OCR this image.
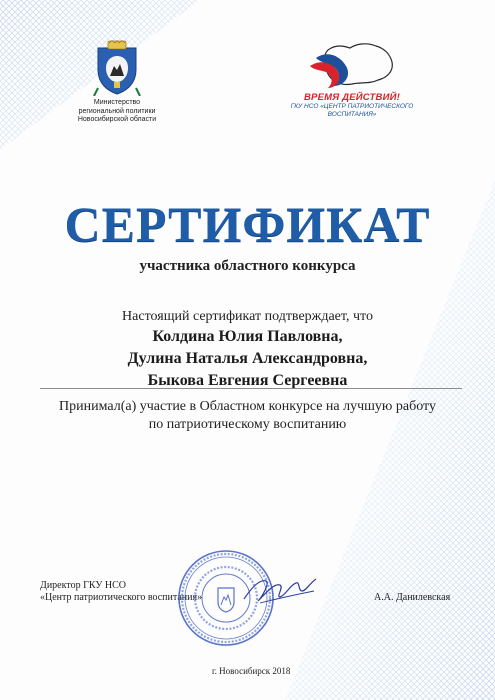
Министерство
региональной политики
Новосибирской области
ВРЕМЯ ДЕЙСТВИЙ!
ГКУ НСО «ЦЕНТР ПАТРИОТИЧЕСКОГО
ВОСПИТАНИЯ»
СЕРТИФИКАТ
участника областного конкурса
Настоящий сертификат подтверждает, что
Колдина Юлия Павловна,
Дулина Наталья Александровна,
Быкова Евгения Сергеевна
Принимал(а) участие в Областном конкурсе на лучшую работу
по патриотическому воспитанию
Директор ГКУ НСО
«Центр патриотического воспитания»	А.А. Данилевская
г. Новосибирск 2018
